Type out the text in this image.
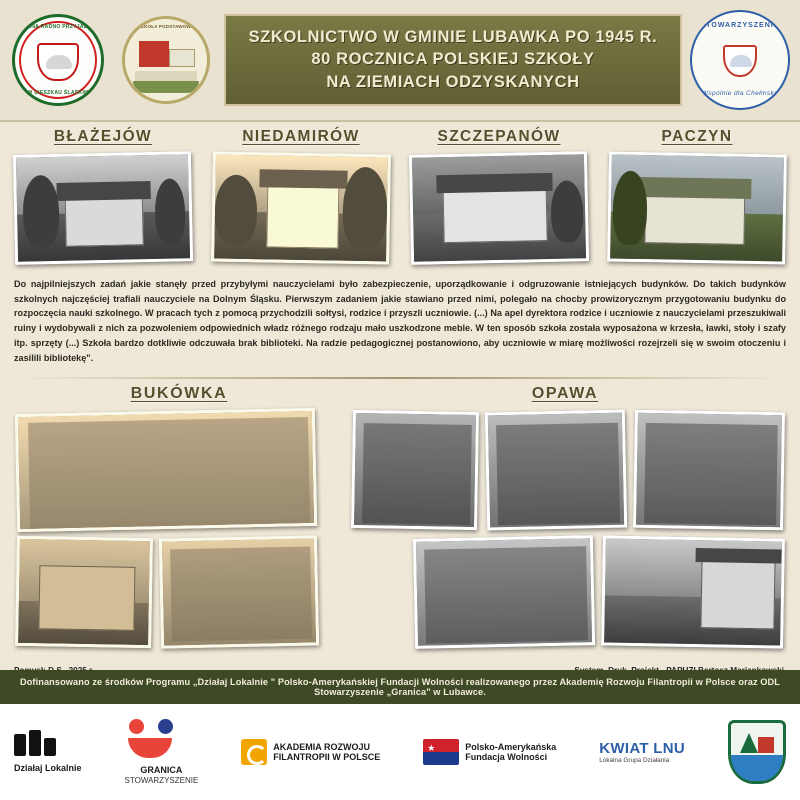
GMINA RADNO PRZYJAZNA
W CIESZKAU ŚLĄSKIM
SZKOŁA PODSTAWOWA
SZKOLNICTWO W GMINIE LUBAWKA PO 1945 R.
80 ROCZNICA POLSKIEJ SZKOŁY
NA ZIEMIACH ODZYSKANYCH
STOWARZYSZENIE
Wspólnie dla Chełmska
BŁAŻEJÓW	NIEDAMIRÓW	SZCZEPANÓW	PACZYN
Do najpilniejszych zadań jakie stanęły przed przybyłymi nauczycielami było zabezpieczenie, uporządkowanie i odgruzowanie istniejących budynków. Do takich budynków szkolnych najczęściej trafiali nauczyciele na Dolnym Śląsku. Pierwszym zadaniem jakie stawiano przed nimi, polegało na chocby prowizorycznym przygotowaniu budynku do rozpoczęcia nauki szkolnego. W pracach tych z pomocą przychodzili sołtysi, rodzice i przyszli uczniowie. (...) Na apel dyrektora rodzice i uczniowie z nauczycielami przeszukiwali ruiny i wydobywali z nich za pozwoleniem odpowiednich władz różnego rodzaju mało uszkodzone meble. W ten sposób szkoła została wyposażona w krzesła, ławki, stoły i szafy itp. sprzęty (...) Szkoła bardzo dotkliwie odczuwała brak biblioteki. Na radzie pedagogicznej postanowiono, aby uczniowie w miarę możliwości rozejrzeli się w swoim otoczeniu i zasilili bibliotekę".
BUKÓWKA	OPAWA
Dofinansowano ze środków Programu „Działaj Lokalnie " Polsko-Amerykańskiej Fundacji Wolności realizowanego przez Akademię Rozwoju Filantropii w Polsce oraz ODL Stowarzyszenie „Granica" w Lubawce.
Działaj Lokalnie	GRANICA
STOWARZYSZENIE
AKADEMIA ROZWOJU
FILANTROPII W POLSCE
★	Polsko-Amerykańska
Fundacja Wolności	KWIAT LNU
Lokalna Grupa Działania
